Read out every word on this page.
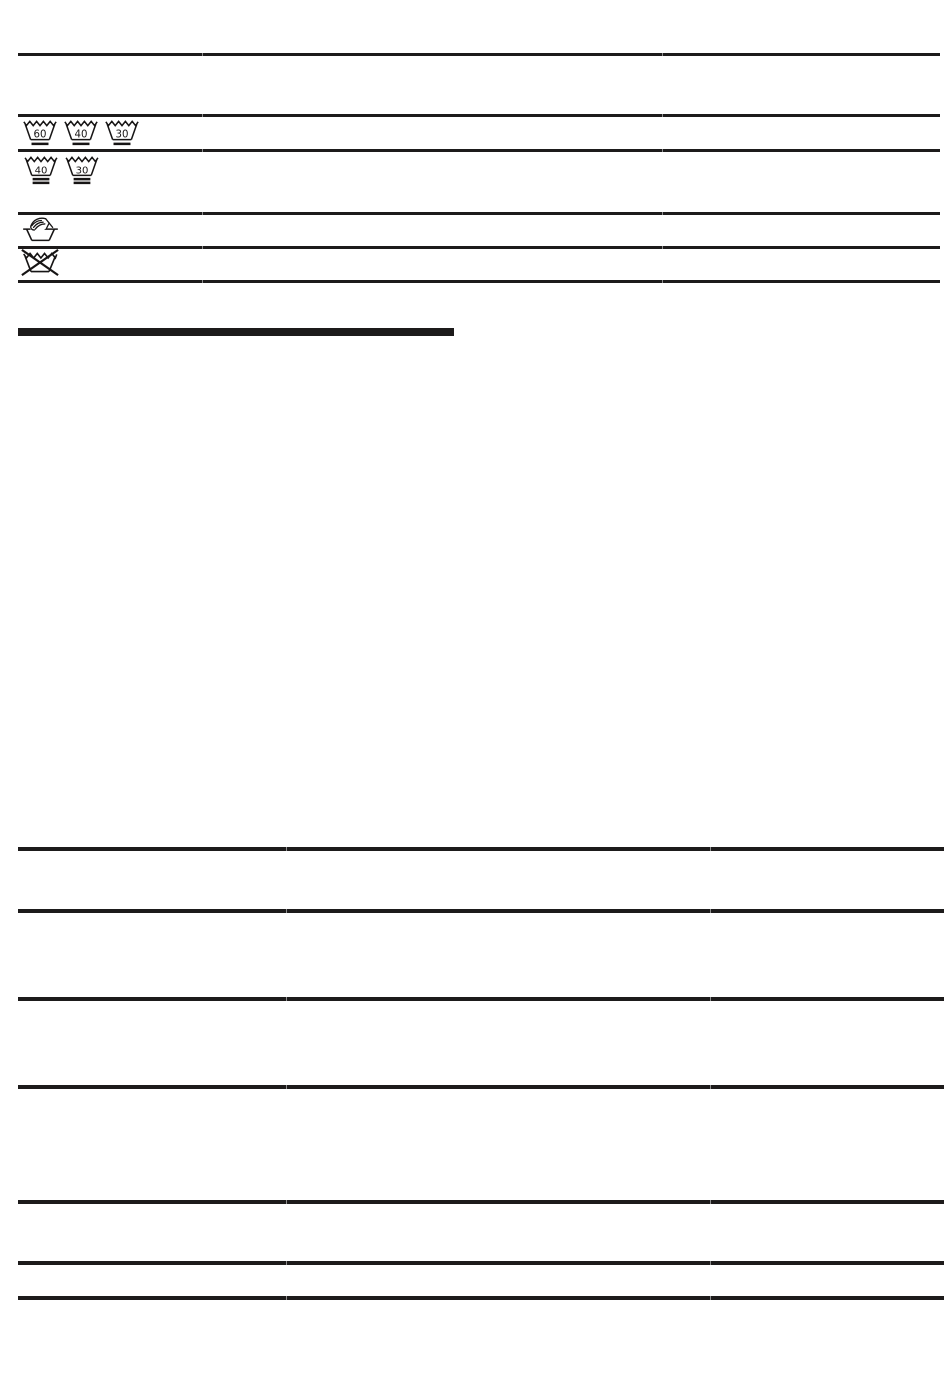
60 40 30
40 30
